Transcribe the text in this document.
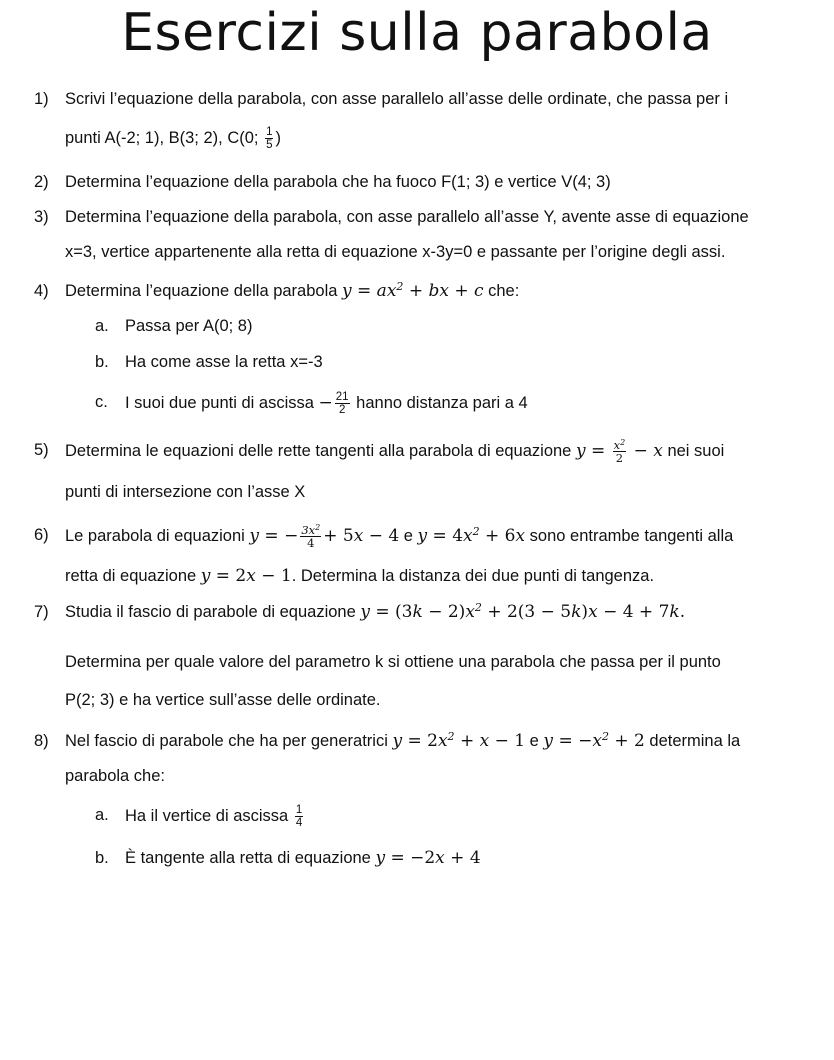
Esercizi sulla parabola
1) Scrivi l’equazione della parabola, con asse parallelo all’asse delle ordinate, che passa per i
punti A(-2; 1), B(3; 2), C(0; $\frac{1}{5}$ )
2) Determina l’equazione della parabola che ha fuoco F(1; 3) e vertice V(4; 3)
3) Determina l’equazione della parabola, con asse parallelo all’asse Y, avente asse di equazione
x=3, vertice appartenente alla retta di equazione x-3y=0 e passante per l’origine degli assi.
4) Determina l’equazione della parabola $y = ax^2$ + bx + c che:
a. Passa per A(0; 8)
b. Ha come asse la retta x=-3
c. I suoi due punti di ascissa − $\frac{21}{2}$ hanno distanza pari a 4
5) Determina le equazioni delle rette tangenti alla parabola di equazione $y = \frac{x^2}{2} - x$ nei suoi
punti di intersezione con l’asse X
6) Le parabola di equazioni y = − $\frac{3x^2}{4} + 5x - 4$ e $y = 4x^2 + 6x$ sono entrambe tangenti alla
retta di equazione y = 2x − 1. Determina la distanza dei due punti di tangenza.
7) Studia il fascio di parabole di equazione $y = (3k - 2)x^2 + 2(3 - 5k)x - 4 + 7k$.
Determina per quale valore del parametro k si ottiene una parabola che passa per il punto
P(2; 3) e ha vertice sull’asse delle ordinate.
8) Nel fascio di parabole che ha per generatrici $y = 2x^2 + x - 1$ e $y = -x^2 + 2$ determina la
parabola che:
a. Ha il vertice di ascissa $\frac{1}{4}$
b. È tangente alla retta di equazione y = −2x + 4
